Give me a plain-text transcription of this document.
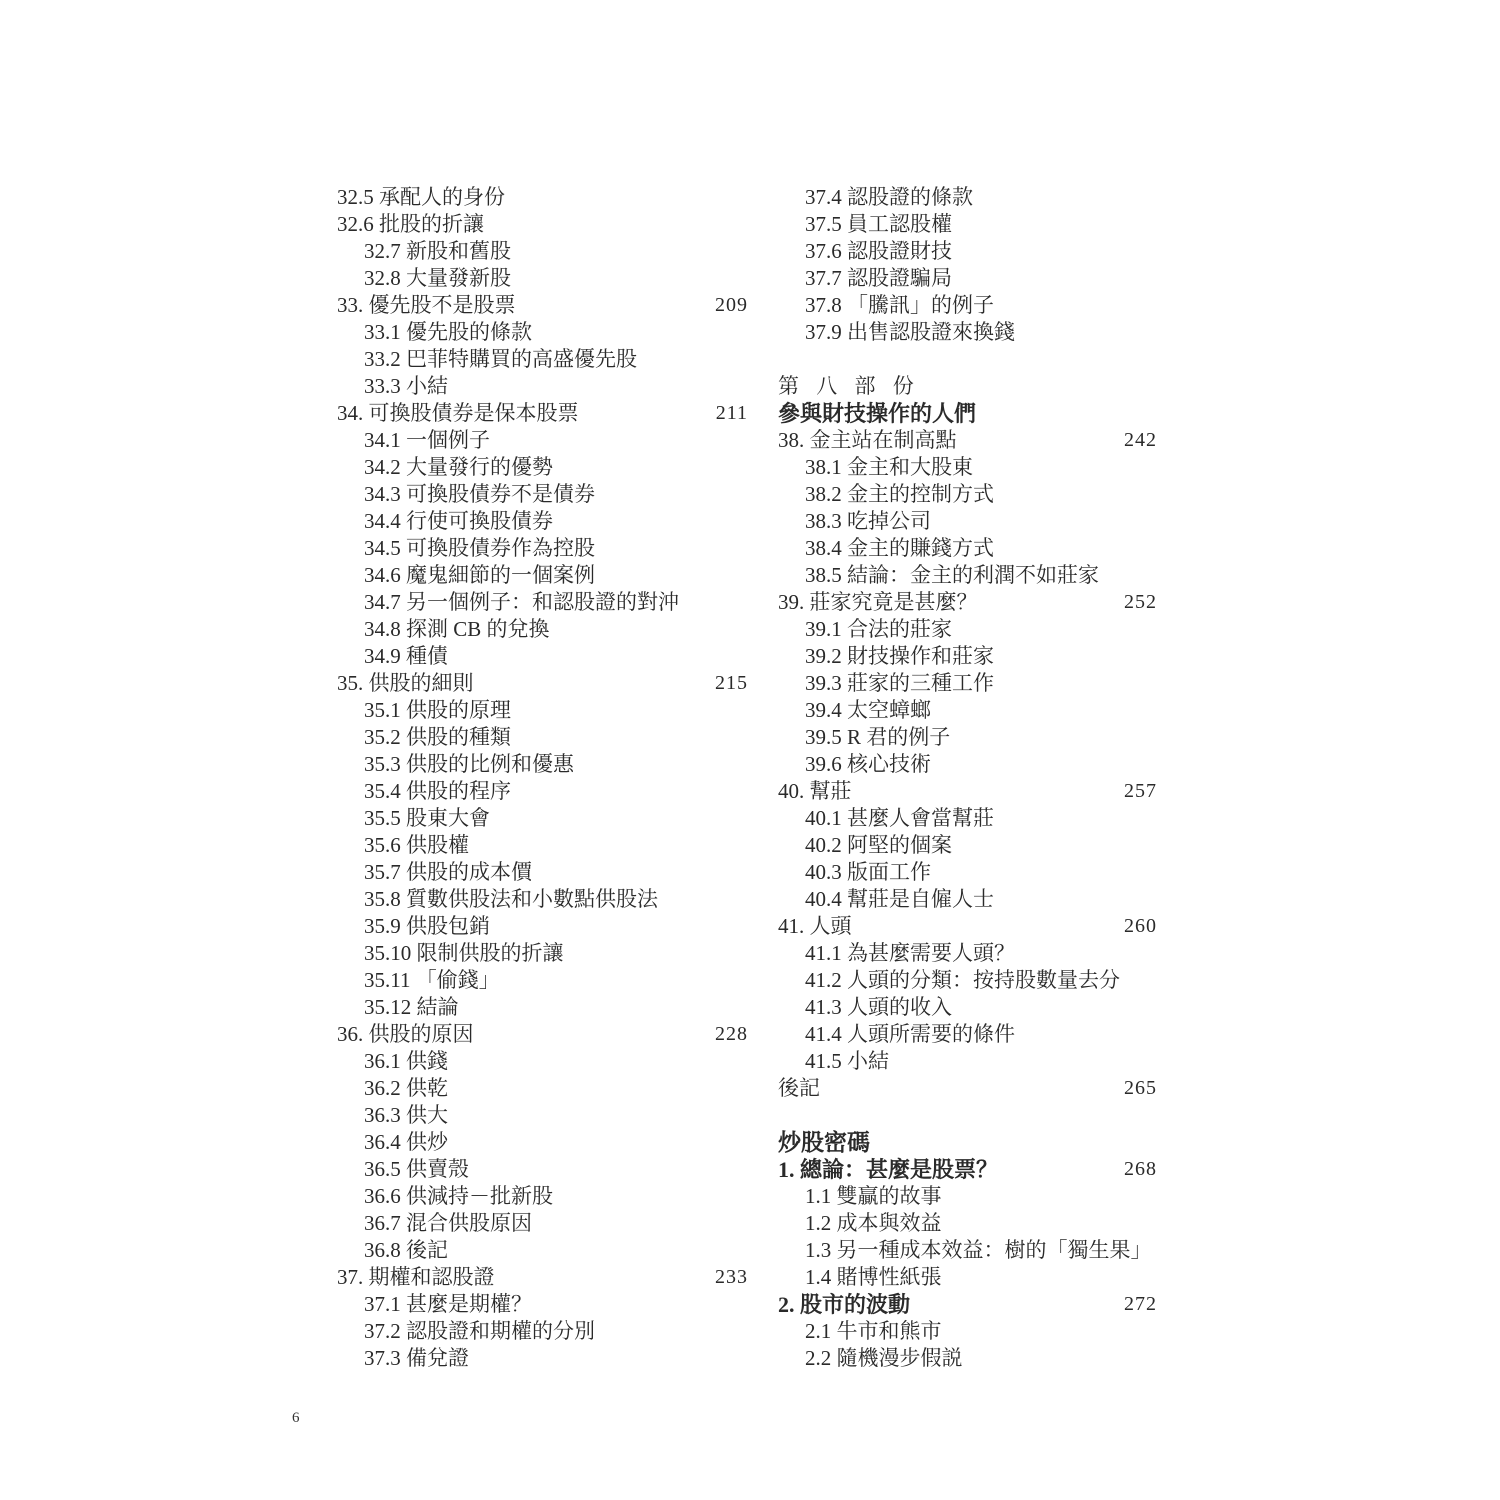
32.5 承配人的身份
32.6 批股的折讓
32.7 新股和舊股
32.8 大量發新股
33. 優先股不是股票	209
33.1 優先股的條款
33.2 巴菲特購買的高盛優先股
33.3 小結
34. 可換股債券是保本股票	211
34.1 一個例子
34.2 大量發行的優勢
34.3 可換股債券不是債券
34.4 行使可換股債券
34.5 可換股債券作為控股
34.6 魔鬼細節的一個案例
34.7 另一個例子：和認股證的對沖
34.8 探測 CB 的兌換
34.9 種債
35. 供股的細則	215
35.1 供股的原理
35.2 供股的種類
35.3 供股的比例和優惠
35.4 供股的程序
35.5 股東大會
35.6 供股權
35.7 供股的成本價
35.8 質數供股法和小數點供股法
35.9 供股包銷
35.10 限制供股的折讓
35.11 「偷錢」
35.12 結論
36. 供股的原因	228
36.1 供錢
36.2 供乾
36.3 供大
36.4 供炒
36.5 供賣殼
36.6 供減持－批新股
36.7 混合供股原因
36.8 後記
37. 期權和認股證	233
37.1 甚麼是期權？
37.2 認股證和期權的分別
37.3 備兌證
37.4 認股證的條款
37.5 員工認股權
37.6 認股證財技
37.7 認股證騙局
37.8 「騰訊」的例子
37.9 出售認股證來換錢
第 八 部 份
參與財技操作的人們
38. 金主站在制高點	242
38.1 金主和大股東
38.2 金主的控制方式
38.3 吃掉公司
38.4 金主的賺錢方式
38.5 結論：金主的利潤不如莊家
39. 莊家究竟是甚麼？	252
39.1 合法的莊家
39.2 財技操作和莊家
39.3 莊家的三種工作
39.4 太空蟑螂
39.5 R 君的例子
39.6 核心技術
40. 幫莊	257
40.1 甚麼人會當幫莊
40.2 阿堅的個案
40.3 版面工作
40.4 幫莊是自僱人士
41. 人頭	260
41.1 為甚麼需要人頭？
41.2 人頭的分類：按持股數量去分
41.3 人頭的收入
41.4 人頭所需要的條件
41.5 小結
後記	265
炒股密碼
1. 總論：甚麼是股票？	268
1.1 雙贏的故事
1.2 成本與效益
1.3 另一種成本效益：樹的「獨生果」
1.4 賭博性紙張
2. 股市的波動	272
2.1 牛市和熊市
2.2 隨機漫步假説
6
